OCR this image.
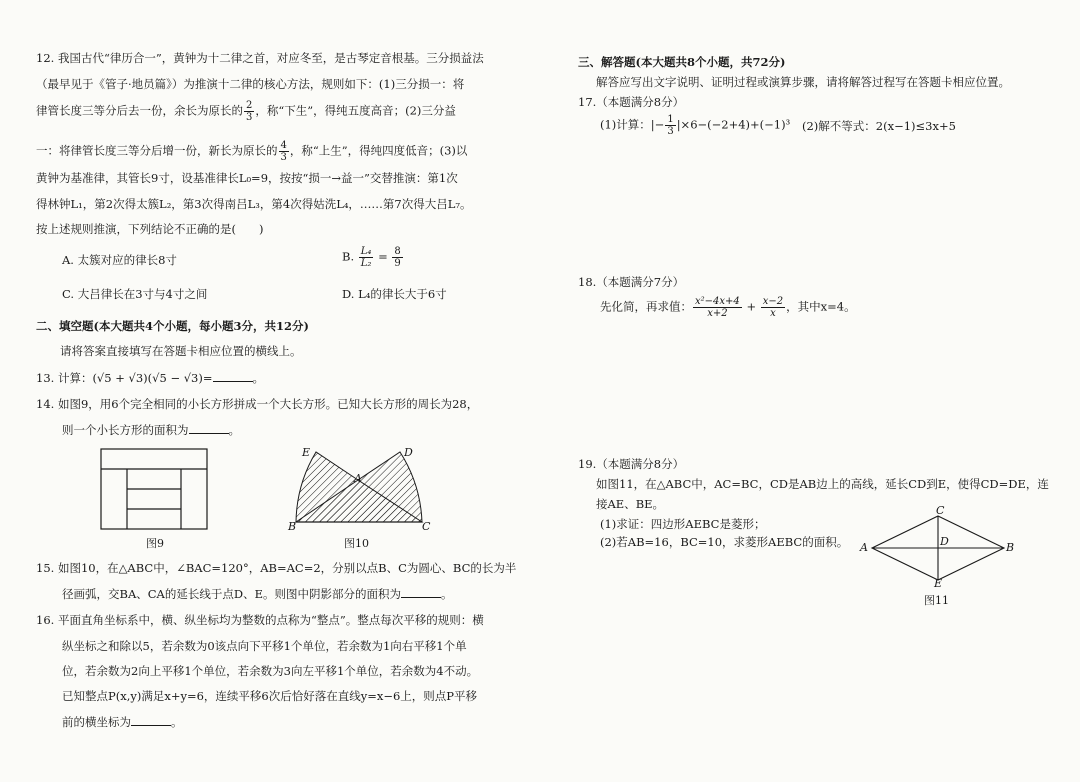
12. 我国古代“律历合一”，黄钟为十二律之首，对应冬至，是古琴定音根基。三分损益法
（最早见于《管子·地员篇》）为推演十二律的核心方法，规则如下：(1)三分损一：将
律管长度三等分后去一份，余长为原长的 $\frac{2}{3}$ ，称“下生”，得纯五度高音；(2)三分益
一：将律管长度三等分后增一份，新长为原长的 $\frac{4}{3}$ ，称“上生”，得纯四度低音；(3)以
黄钟为基准律，其管长9寸，设基准律长L₀=9，按按“损一→益一”交替推演：第1次
得林钟L₁，第2次得太簇L₂，第3次得南吕L₃，第4次得姑洗L₄，……第7次得大吕L₇。
按上述规则推演，下列结论不正确的是(　　)
A. 太簇对应的律长8寸	B. $\frac{\text{L₄}}{\text{L₂}} = \frac{8}{9}$
C. 大吕律长在3寸与4寸之间	D. L₄的律长大于6寸
二、填空题(本大题共4个小题，每小题3分，共12分)
请将答案直接填写在答题卡相应位置的横线上。
13. 计算：(√5 + √3)(√5 − √3)=	。
14. 如图9，用6个完全相同的小长方形拼成一个大长方形。已知大长方形的周长为28，
则一个小长方形的面积为	。
图9
E	D
A
B	C
图10
15. 如图10，在△ABC中，∠BAC=120°，AB=AC=2，分别以点B、C为圆心、BC的长为半
径画弧，交BA、CA的延长线于点D、E。则图中阴影部分的面积为	。
16. 平面直角坐标系中，横、纵坐标均为整数的点称为“整点”。整点每次平移的规则：横
纵坐标之和除以5，若余数为0该点向下平移1个单位，若余数为1向右平移1个单
位，若余数为2向上平移1个单位，若余数为3向左平移1个单位，若余数为4不动。
已知整点P(x,y)满足x+y=6，连续平移6次后恰好落在直线y=x−6上，则点P平移
前的横坐标为	。
三、解答题(本大题共8个小题，共72分)
解答应写出文字说明、证明过程或演算步骤，请将解答过程写在答题卡相应位置。
17.（本题满分8分）
(1)计算：|− $\frac{1}{3} |\times 6-(-2+4)+(-1)^3$ (2)解不等式：2(x−1)≤3x+5
18.（本题满分7分）
先化简，再求值： $\frac{\text{x²−4x+4}}{x+2} + \frac{x-2}{x}$ ，其中x=4。
19.（本题满分8分）
如图11，在△ABC中，AC=BC，CD是AB边上的高线，延长CD到E，使得CD=DE，连
接AE、BE。
(1)求证：四边形AEBC是菱形；
(2)若AB=16，BC=10，求菱形AEBC的面积。
C
A	B
D
E
图11
